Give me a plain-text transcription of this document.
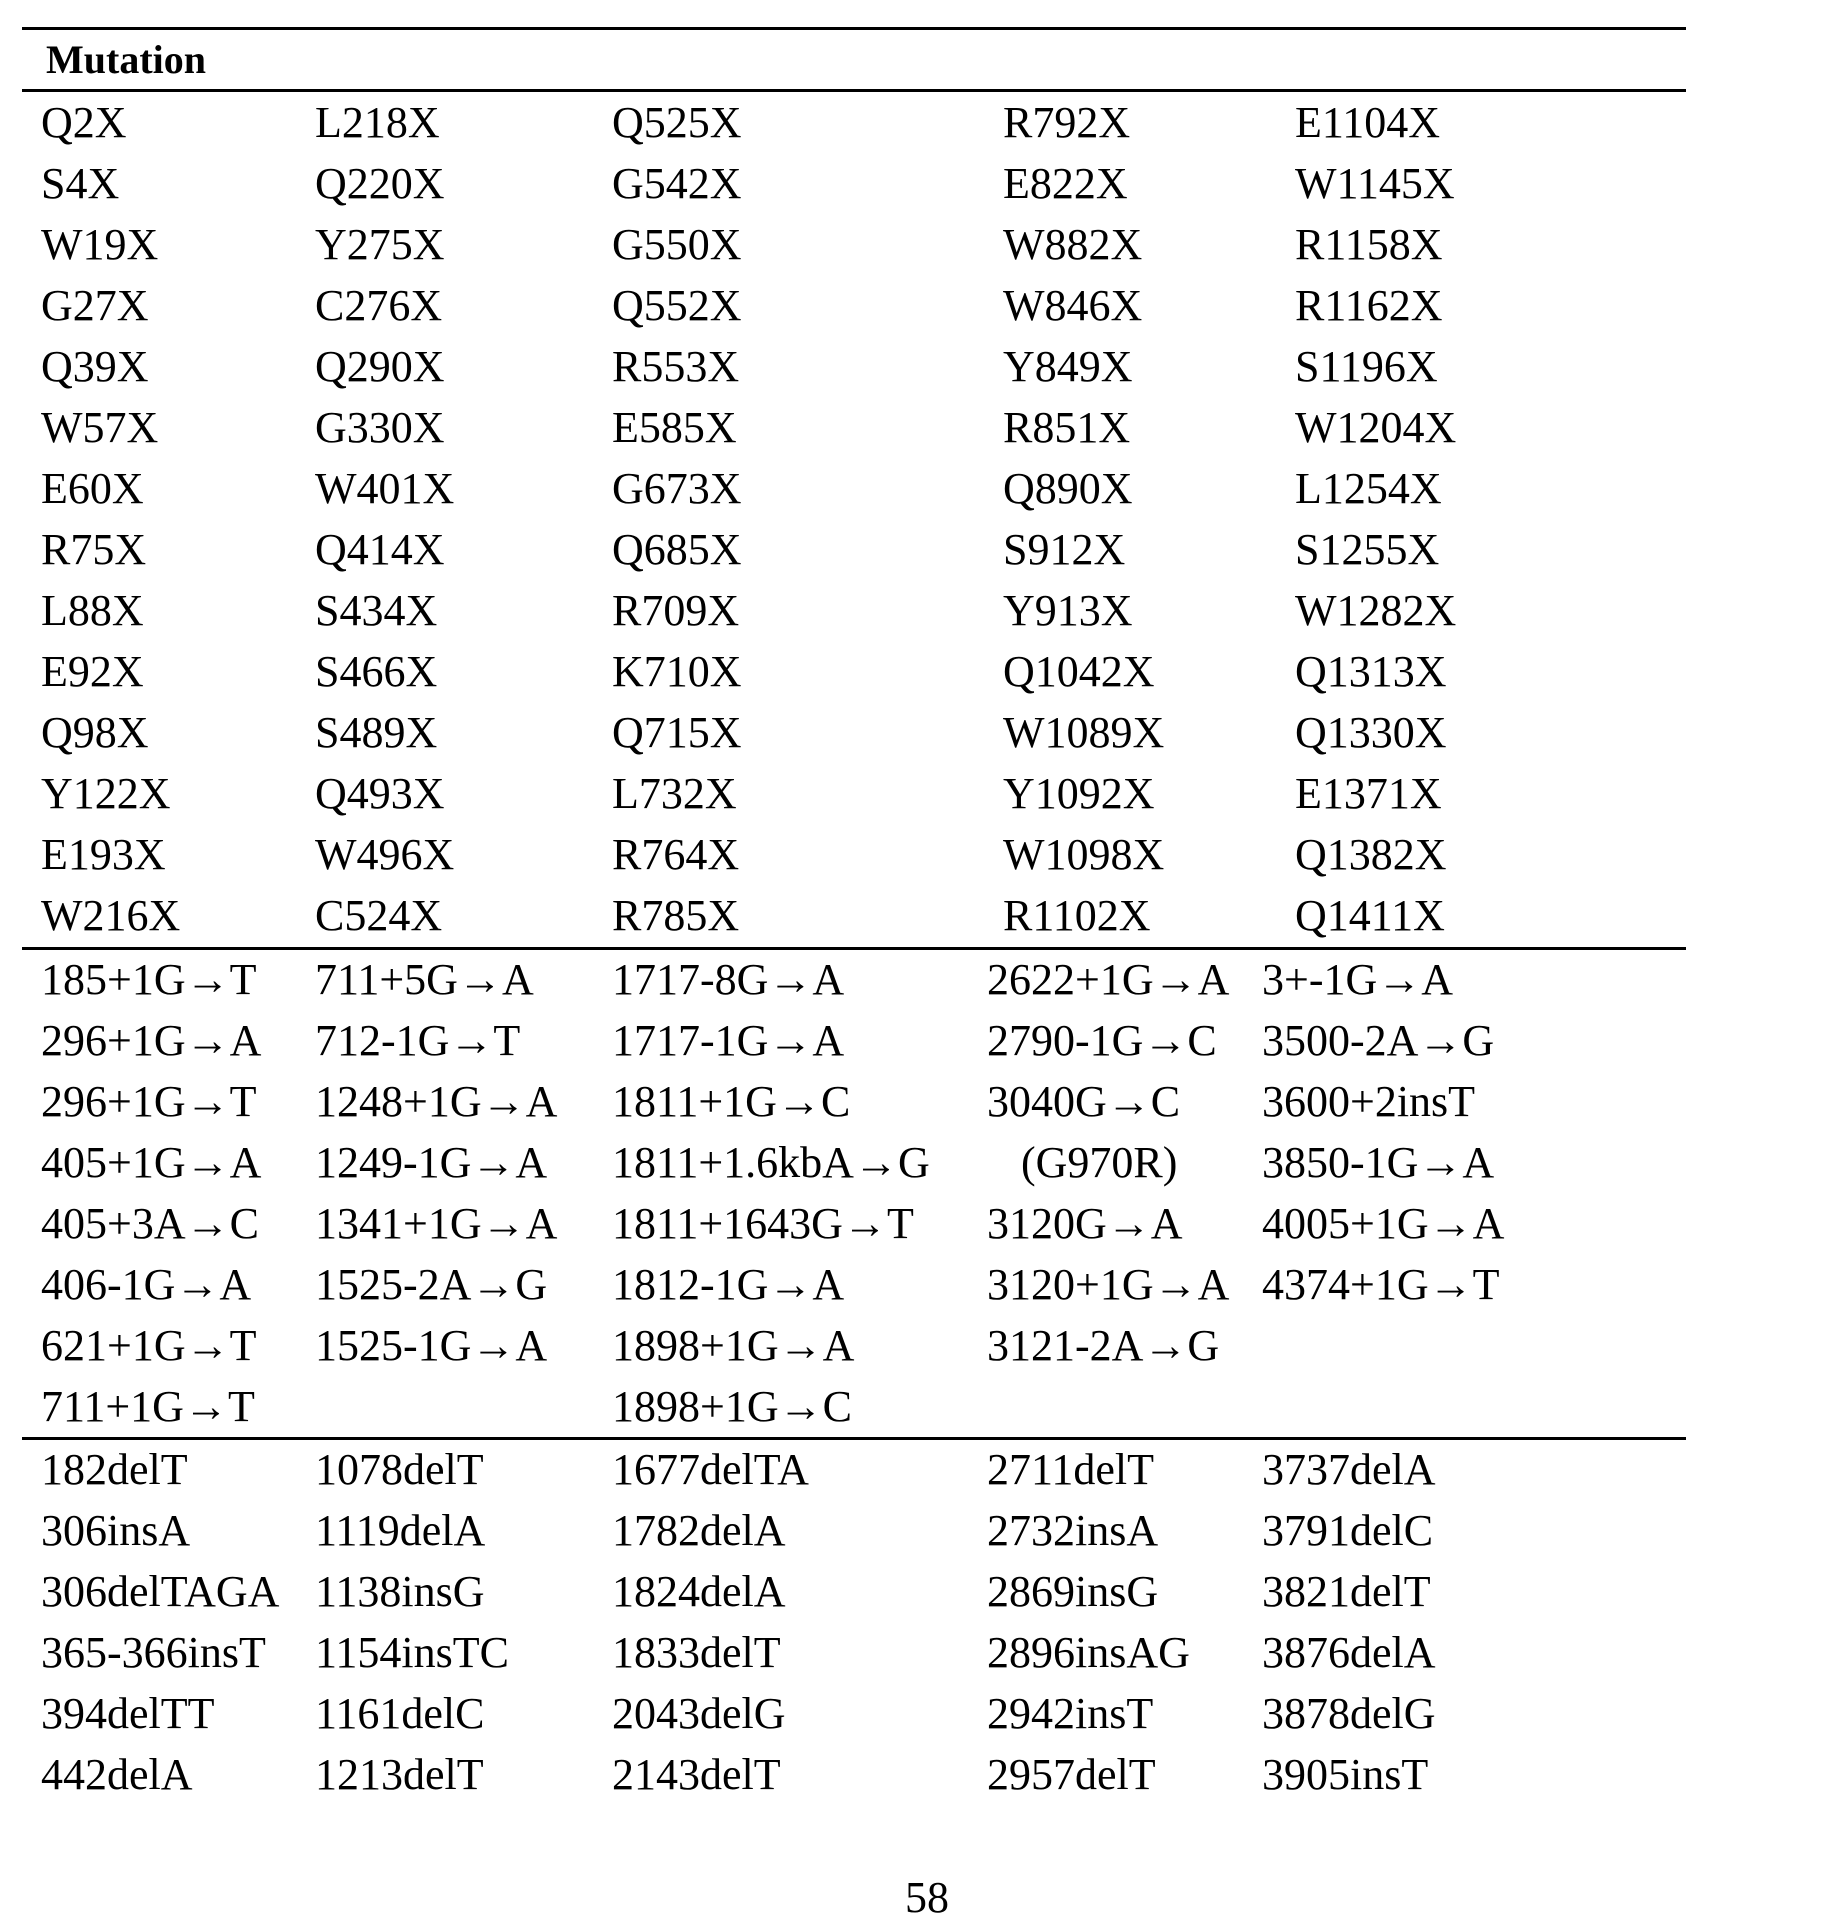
Mutation
Q2X	L218X	Q525X	R792X	E1104X
S4X	Q220X	G542X	E822X	W1145X
W19X	Y275X	G550X	W882X	R1158X
G27X	C276X	Q552X	W846X	R1162X
Q39X	Q290X	R553X	Y849X	S1196X
W57X	G330X	E585X	R851X	W1204X
E60X	W401X	G673X	Q890X	L1254X
R75X	Q414X	Q685X	S912X	S1255X
L88X	S434X	R709X	Y913X	W1282X
E92X	S466X	K710X	Q1042X	Q1313X
Q98X	S489X	Q715X	W1089X	Q1330X
Y122X	Q493X	L732X	Y1092X	E1371X
E193X	W496X	R764X	W1098X	Q1382X
W216X	C524X	R785X	R1102X	Q1411X
185+1G→T 711+5G→A 1717-8G→A	2622+1G→A 3+-1G→A
296+1G→A 712-1G→T 1717-1G→A	2790-1G→C 3500-2A→G
296+1G→T 1248+1G→A 1811+1G→C	3040G→C 3600+2insT
405+1G→A 1249-1G→A 1811+1.6kbA→G (G970R) 3850-1G→A
405+3A→C 1341+1G→A 1811+1643G→T 3120G→A 4005+1G→A
406-1G→A 1525-2A→G 1812-1G→A	3120+1G→A 4374+1G→T
621+1G→T 1525-1G→A 1898+1G→A	3121-2A→G
711+1G→T	1898+1G→C
182delT	1078delT	1677delTA	2711delT 3737delA
306insA	1119delA	1782delA	2732insA 3791delC
306delTAGA 1138insG	1824delA	2869insG 3821delT
365-366insT 1154insTC 1833delT	2896insAG 3876delA
394delTT 1161delC	2043delG	2942insT 3878delG
442delA	1213delT	2143delT	2957delT 3905insT
58
